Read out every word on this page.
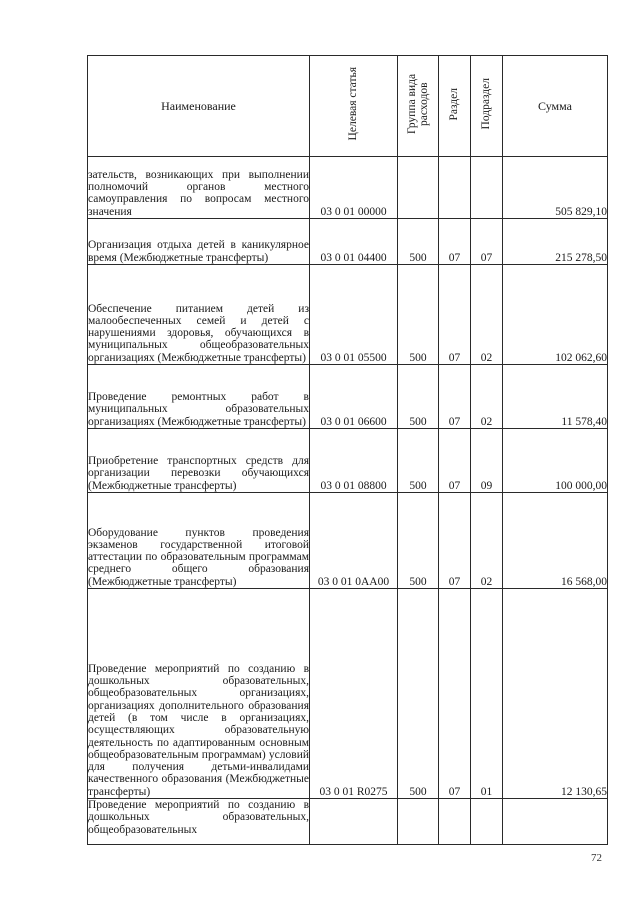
Наименование	Целевая статья	Группа вида расходов	Раздел	Подраздел	Сумма
зательств, возникающих при выполнении полномочий органов местного самоуправления по вопросам местного значения	03 0 01 00000				505 829,10
Организация отдыха детей в каникулярное время (Межбюджетные трансферты)	03 0 01 04400	500	07	07	215 278,50
Обеспечение питанием детей из малообеспеченных семей и детей с нарушениями здоровья, обучающихся в муниципальных общеобразовательных организациях (Межбюджетные трансферты)	03 0 01 05500	500	07	02	102 062,60
Проведение ремонтных работ в муниципальных образовательных организациях (Межбюджетные трансферты)	03 0 01 06600	500	07	02	11 578,40
Приобретение транспортных средств для организации перевозки обучающихся (Межбюджетные трансферты)	03 0 01 08800	500	07	09	100 000,00
Оборудование пунктов проведения экзаменов государственной итоговой аттестации по образовательным программам среднего общего образования (Межбюджетные трансферты)	03 0 01 0АА00	500	07	02	16 568,00
Проведение мероприятий по созданию в дошкольных образовательных, общеобразовательных организациях, организациях дополнительного образования детей (в том числе в организациях, осуществляющих образовательную деятельность по адаптированным основным общеобразовательным программам) условий для получения детьми-инвалидами качественного образования (Межбюджетные трансферты)	03 0 01 R0275	500	07	01	12 130,65
Проведение мероприятий по созданию в дошкольных образовательных, общеобразовательных					
72
